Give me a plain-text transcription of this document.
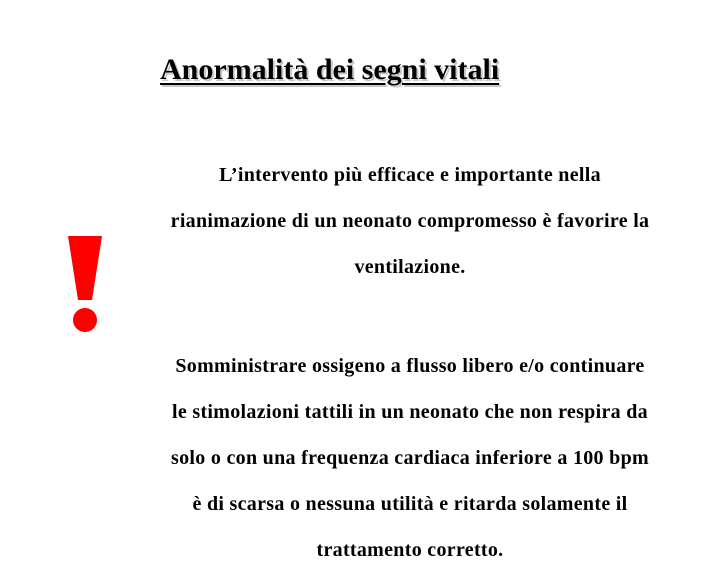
Anormalità dei segni vitali
L’intervento più efficace e importante nella
rianimazione di un neonato compromesso è favorire la
ventilazione.
Somministrare ossigeno a flusso libero e/o continuare
le stimolazioni tattili in un neonato che non respira da
solo o con una frequenza cardiaca inferiore a 100 bpm
è di scarsa o nessuna utilità e ritarda solamente il
trattamento corretto.
